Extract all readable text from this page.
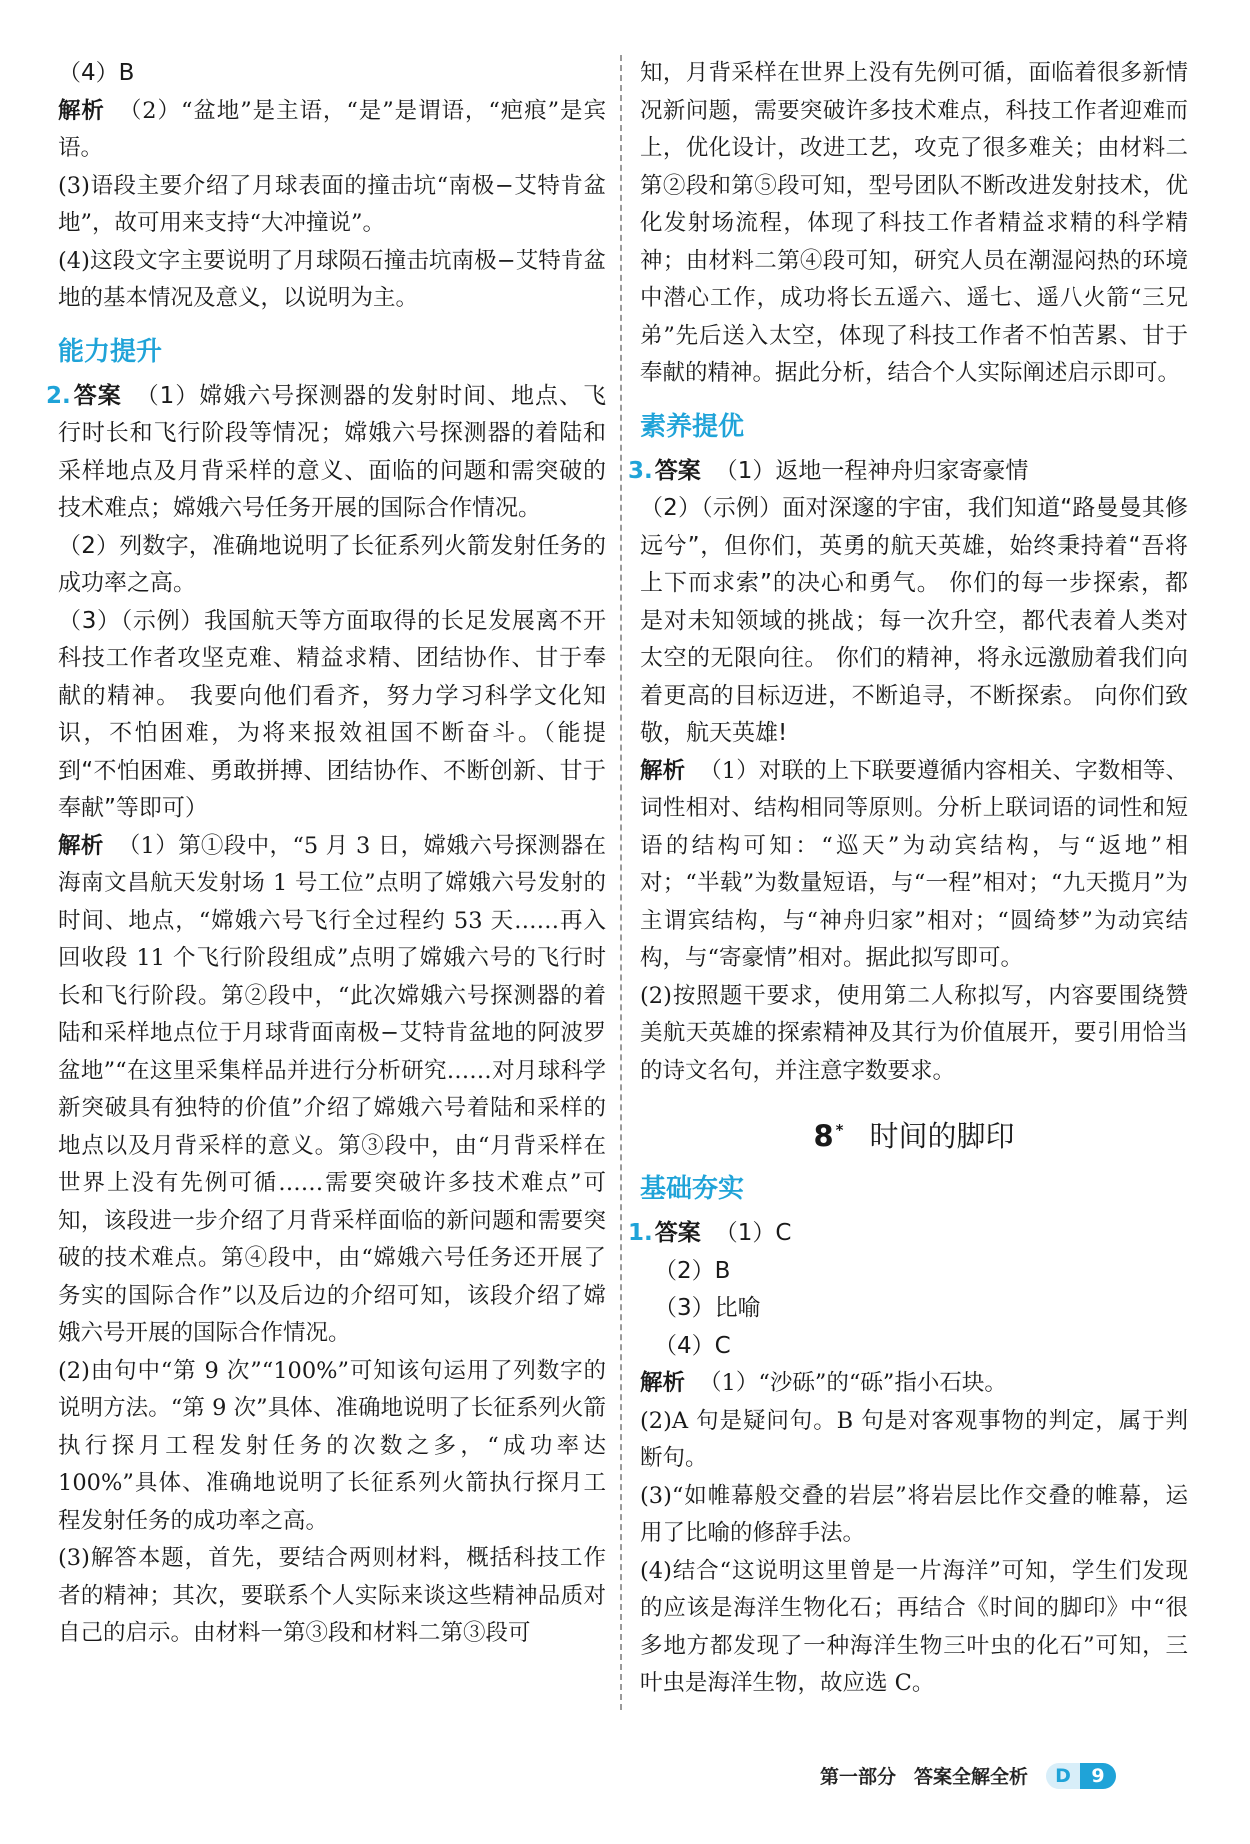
（4）B

解析 （2）“盆地”是主语，“是”是谓语，“疤痕”是宾语。

(3)语段主要介绍了月球表面的撞击坑“南极−艾特肯盆地”，故可用来支持“大冲撞说”。

(4)这段文字主要说明了月球陨石撞击坑南极−艾特肯盆地的基本情况及意义，以说明为主。

能力提升

2.答案 （1）嫦娥六号探测器的发射时间、地点、飞行时长和飞行阶段等情况；嫦娥六号探测器的着陆和采样地点及月背采样的意义、面临的问题和需突破的技术难点；嫦娥六号任务开展的国际合作情况。

（2）列数字，准确地说明了长征系列火箭发射任务的成功率之高。

（3）（示例）我国航天等方面取得的长足发展离不开科技工作者攻坚克难、精益求精、团结协作、甘于奉献的精神。 我要向他们看齐，努力学习科学文化知识，不怕困难，为将来报效祖国不断奋斗。（能提到“不怕困难、勇敢拼搏、团结协作、不断创新、甘于奉献”等即可）

解析 （1）第①段中，“5 月 3 日，嫦娥六号探测器在海南文昌航天发射场 1 号工位”点明了嫦娥六号发射的时间、地点，“嫦娥六号飞行全过程约 53 天……再入回收段 11 个飞行阶段组成”点明了嫦娥六号的飞行时长和飞行阶段。第②段中，“此次嫦娥六号探测器的着陆和采样地点位于月球背面南极−艾特肯盆地的阿波罗盆地”“在这里采集样品并进行分析研究……对月球科学新突破具有独特的价值”介绍了嫦娥六号着陆和采样的地点以及月背采样的意义。第③段中，由“月背采样在世界上没有先例可循……需要突破许多技术难点”可知，该段进一步介绍了月背采样面临的新问题和需要突破的技术难点。第④段中，由“嫦娥六号任务还开展了务实的国际合作”以及后边的介绍可知，该段介绍了嫦娥六号开展的国际合作情况。

(2)由句中“第 9 次”“100%”可知该句运用了列数字的说明方法。“第 9 次”具体、准确地说明了长征系列火箭执行探月工程发射任务的次数之多，“成功率达 100%”具体、准确地说明了长征系列火箭执行探月工程发射任务的成功率之高。

(3)解答本题，首先，要结合两则材料，概括科技工作者的精神；其次，要联系个人实际来谈这些精神品质对自己的启示。由材料一第③段和材料二第③段可

知，月背采样在世界上没有先例可循，面临着很多新情况新问题，需要突破许多技术难点，科技工作者迎难而上，优化设计，改进工艺，攻克了很多难关；由材料二第②段和第⑤段可知，型号团队不断改进发射技术，优化发射场流程，体现了科技工作者精益求精的科学精神；由材料二第④段可知，研究人员在潮湿闷热的环境中潜心工作，成功将长五遥六、遥七、遥八火箭“三兄弟”先后送入太空，体现了科技工作者不怕苦累、甘于奉献的精神。据此分析，结合个人实际阐述启示即可。

素养提优

3.答案 （1）返地一程神舟归家寄豪情

（2）（示例）面对深邃的宇宙，我们知道“路曼曼其修远兮”，但你们，英勇的航天英雄，始终秉持着“吾将上下而求索”的决心和勇气。 你们的每一步探索，都是对未知领域的挑战；每一次升空，都代表着人类对太空的无限向往。 你们的精神，将永远激励着我们向着更高的目标迈进，不断追寻，不断探索。 向你们致敬，航天英雄!

解析 （1）对联的上下联要遵循内容相关、字数相等、词性相对、结构相同等原则。分析上联词语的词性和短语的结构可知：“巡天”为动宾结构，与“返地”相对；“半载”为数量短语，与“一程”相对；“九天揽月”为主谓宾结构，与“神舟归家”相对；“圆绮梦”为动宾结构，与“寄豪情”相对。据此拟写即可。

(2)按照题干要求，使用第二人称拟写，内容要围绕赞美航天英雄的探索精神及其行为价值展开，要引用恰当的诗文名句，并注意字数要求。

8 * 时间的脚印
基础夯实

1.答案 （1）C

（2）B

（3）比喻

（4）C

解析 （1）“沙砾”的“砾”指小石块。

(2)A 句是疑问句。B 句是对客观事物的判定，属于判断句。

(3)“如帷幕般交叠的岩层”将岩层比作交叠的帷幕，运用了比喻的修辞手法。

(4)结合“这说明这里曾是一片海洋”可知，学生们发现的应该是海洋生物化石；再结合《时间的脚印》中“很多地方都发现了一种海洋生物三叶虫的化石”可知，三叶虫是海洋生物，故应选 C。

第一部分 答案全解全析	D	9
